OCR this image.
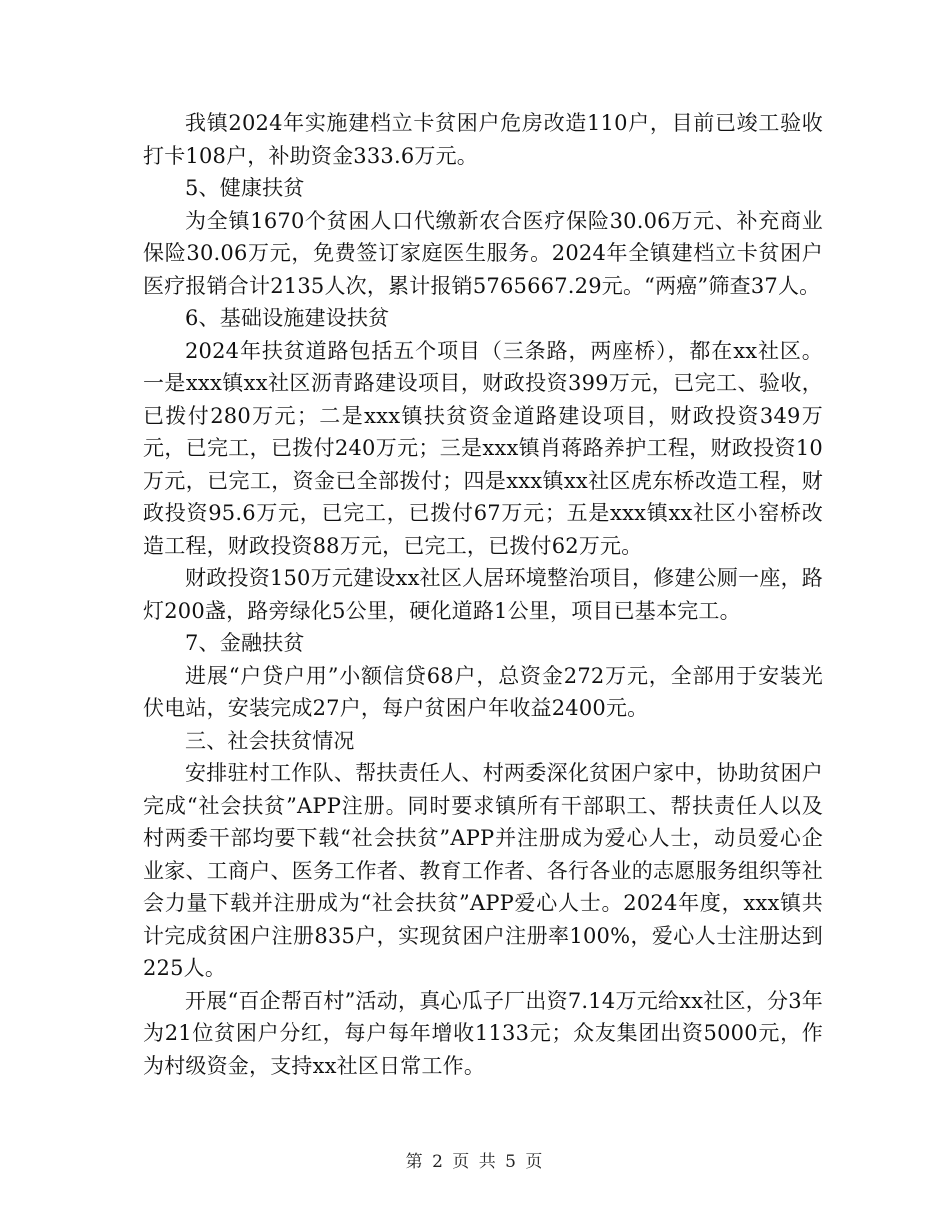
我镇2024年实施建档立卡贫困户危房改造110户，目前已竣工验收打卡108户，补助资金333.6万元。

5、健康扶贫

为全镇1670个贫困人口代缴新农合医疗保险30.06万元、补充商业保险30.06万元，免费签订家庭医生服务。2024年全镇建档立卡贫困户医疗报销合计2135人次，累计报销5765667.29元。“两癌”筛查37人。

6、基础设施建设扶贫

2024年扶贫道路包括五个项目（三条路，两座桥），都在xx社区。一是xxx镇xx社区沥青路建设项目，财政投资399万元，已完工、验收，已拨付280万元；二是xxx镇扶贫资金道路建设项目，财政投资349万元，已完工，已拨付240万元；三是xxx镇肖蒋路养护工程，财政投资10万元，已完工，资金已全部拨付；四是xxx镇xx社区虎东桥改造工程，财政投资95.6万元，已完工，已拨付67万元；五是xxx镇xx社区小窑桥改造工程，财政投资88万元，已完工，已拨付62万元。

财政投资150万元建设xx社区人居环境整治项目，修建公厕一座，路灯200盏，路旁绿化5公里，硬化道路1公里，项目已基本完工。

7、金融扶贫

进展“户贷户用”小额信贷68户，总资金272万元，全部用于安装光伏电站，安装完成27户，每户贫困户年收益2400元。

三、社会扶贫情况

安排驻村工作队、帮扶责任人、村两委深化贫困户家中，协助贫困户完成“社会扶贫”APP注册。同时要求镇所有干部职工、帮扶责任人以及村两委干部均要下载“社会扶贫”APP并注册成为爱心人士，动员爱心企业家、工商户、医务工作者、教育工作者、各行各业的志愿服务组织等社会力量下载并注册成为“社会扶贫”APP爱心人士。2024年度，xxx镇共计完成贫困户注册835户，实现贫困户注册率100%，爱心人士注册达到225人。

开展“百企帮百村”活动，真心瓜子厂出资7.14万元给xx社区，分3年为21位贫困户分红，每户每年增收1133元；众友集团出资5000元，作为村级资金，支持xx社区日常工作。

第 2 页 共 5 页
